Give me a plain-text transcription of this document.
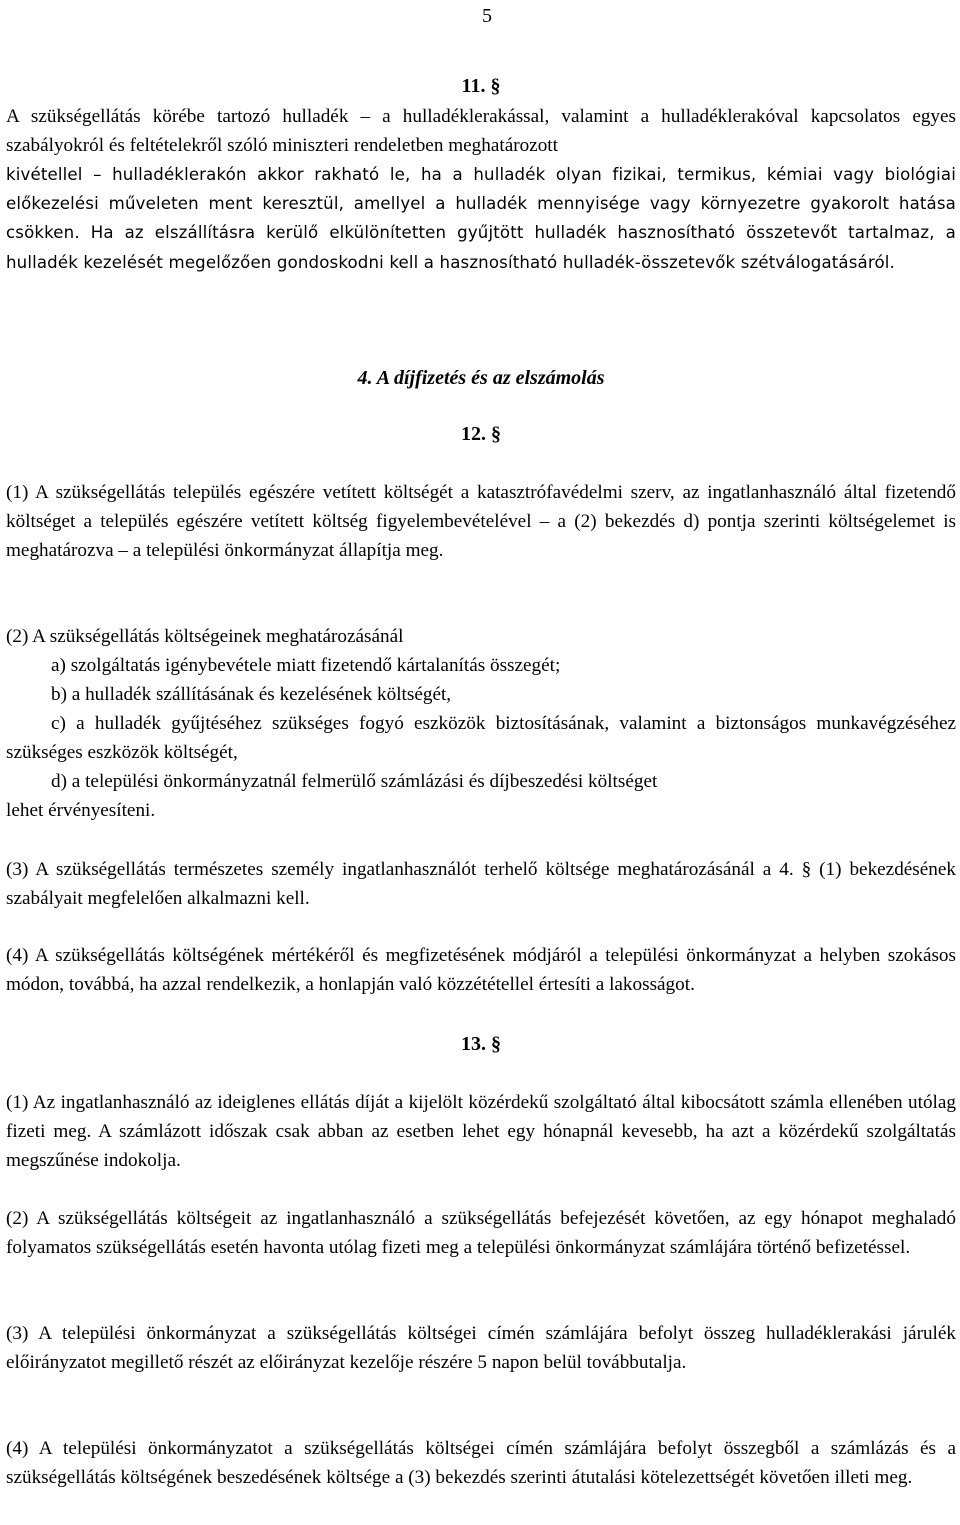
5
11. §

A szükségellátás körébe tartozó hulladék – a hulladéklerakással, valamint a hulladéklerakóval kapcsolatos egyes szabályokról és feltételekről szóló miniszteri rendeletben meghatározott

kivétellel – hulladéklerakón akkor rakható le, ha a hulladék olyan fizikai, termikus, kémiai vagy biológiai előkezelési műveleten ment keresztül, amellyel a hulladék mennyisége vagy környezetre gyakorolt hatása csökken. Ha az elszállításra kerülő elkülönítetten gyűjtött hulladék hasznosítható összetevőt tartalmaz, a hulladék kezelését megelőzően gondoskodni kell a hasznosítható hulladék-összetevők szétválogatásáról.

4. A díjfizetés és az elszámolás
12. §

(1) A szükségellátás település egészére vetített költségét a katasztrófavédelmi szerv, az ingatlanhasználó által fizetendő költséget a település egészére vetített költség figyelembevételével – a (2) bekezdés d) pontja szerinti költségelemet is meghatározva – a települési önkormányzat állapítja meg.

(2) A szükségellátás költségeinek meghatározásánál

a) szolgáltatás igénybevétele miatt fizetendő kártalanítás összegét;

b) a hulladék szállításának és kezelésének költségét,

c) a hulladék gyűjtéséhez szükséges fogyó eszközök biztosításának, valamint a biztonságos munkavégzéséhez szükséges eszközök költségét,

d) a települési önkormányzatnál felmerülő számlázási és díjbeszedési költséget

lehet érvényesíteni.

(3) A szükségellátás természetes személy ingatlanhasználót terhelő költsége meghatározásánál a 4. § (1) bekezdésének szabályait megfelelően alkalmazni kell.

(4) A szükségellátás költségének mértékéről és megfizetésének módjáról a települési önkormányzat a helyben szokásos módon, továbbá, ha azzal rendelkezik, a honlapján való közzététellel értesíti a lakosságot.

13. §

(1) Az ingatlanhasználó az ideiglenes ellátás díját a kijelölt közérdekű szolgáltató által kibocsátott számla ellenében utólag fizeti meg. A számlázott időszak csak abban az esetben lehet egy hónapnál kevesebb, ha azt a közérdekű szolgáltatás megszűnése indokolja.

(2) A szükségellátás költségeit az ingatlanhasználó a szükségellátás befejezését követően, az egy hónapot meghaladó folyamatos szükségellátás esetén havonta utólag fizeti meg a települési önkormányzat számlájára történő befizetéssel.

(3) A települési önkormányzat a szükségellátás költségei címén számlájára befolyt összeg hulladéklerakási járulék előirányzatot megillető részét az előirányzat kezelője részére 5 napon belül továbbutalja.

(4) A települési önkormányzatot a szükségellátás költségei címén számlájára befolyt összegből a számlázás és a szükségellátás költségének beszedésének költsége a (3) bekezdés szerinti átutalási kötelezettségét követően illeti meg.
